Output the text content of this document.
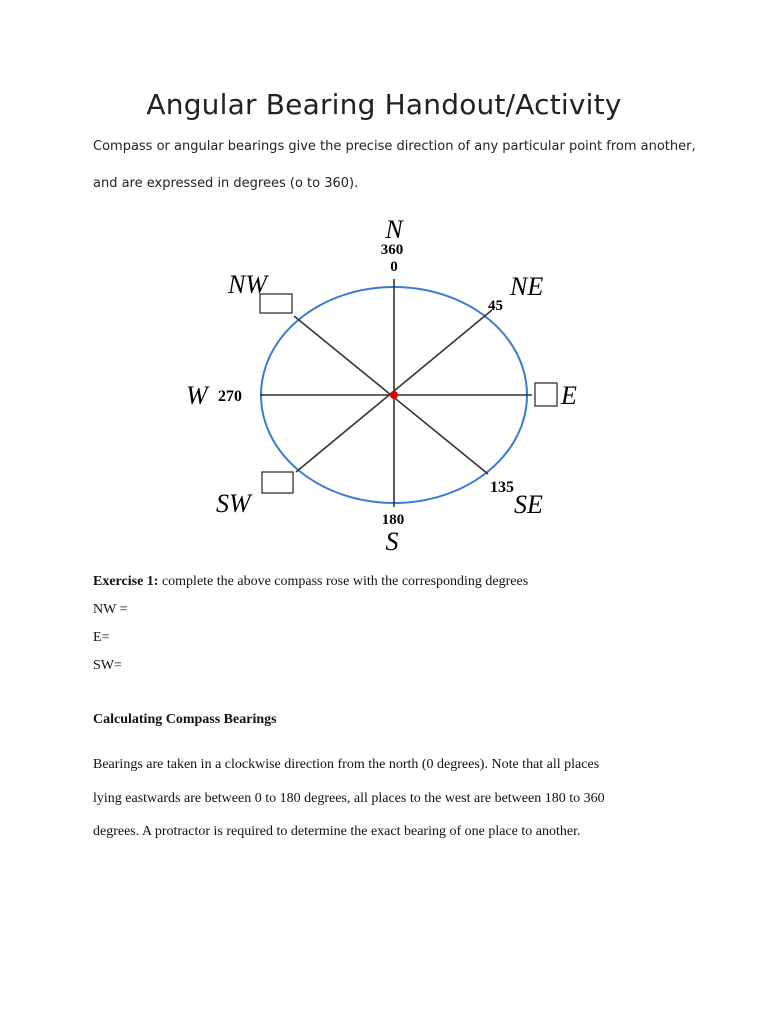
Angular Bearing Handout/Activity
Compass or angular bearings give the precise direction of any particular point from another,
and are expressed in degrees (o to 360).
N
360
0
NW	NE
45
W 270	E
SW
135
SE
180
S
Exercise 1: complete the above compass rose with the corresponding degrees
NW =
E=
SW=
Calculating Compass Bearings
Bearings are taken in a clockwise direction from the north (0 degrees). Note that all places
lying eastwards are between 0 to 180 degrees, all places to the west are between 180 to 360
degrees. A protractor is required to determine the exact bearing of one place to another.
